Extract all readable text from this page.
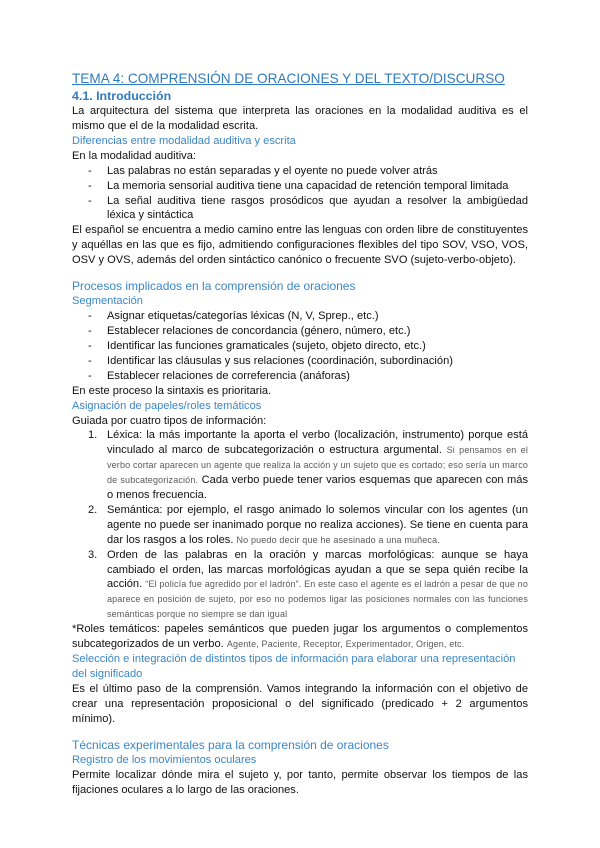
TEMA 4: COMPRENSIÓN DE ORACIONES Y DEL TEXTO/DISCURSO
4.1. Introducción

La arquitectura del sistema que interpreta las oraciones en la modalidad auditiva es el mismo que el de la modalidad escrita.

Diferencias entre modalidad auditiva y escrita

En la modalidad auditiva:

- Las palabras no están separadas y el oyente no puede volver atrás
- La memoria sensorial auditiva tiene una capacidad de retención temporal limitada
- La señal auditiva tiene rasgos prosódicos que ayudan a resolver la ambigüedad léxica y sintáctica

El español se encuentra a medio camino entre las lenguas con orden libre de constituyentes y aquéllas en las que es fijo, admitiendo configuraciones flexibles del tipo SOV, VSO, VOS, OSV y OVS, además del orden sintáctico canónico o frecuente SVO (sujeto-verbo-objeto).

Procesos implicados en la comprensión de oraciones
Segmentación
- Asignar etiquetas/categorías léxicas (N, V, Sprep., etc.)
- Establecer relaciones de concordancia (género, número, etc.)
- Identificar las funciones gramaticales (sujeto, objeto directo, etc.)
- Identificar las cláusulas y sus relaciones (coordinación, subordinación)
- Establecer relaciones de correferencia (anáforas)

En este proceso la sintaxis es prioritaria.

Asignación de papeles/roles temáticos

Guiada por cuatro tipos de información:

1. Léxica: la más importante la aporta el verbo (localización, instrumento) porque está vinculado al marco de subcategorización o estructura argumental. Si pensamos en el verbo cortar aparecen un agente que realiza la acción y un sujeto que es cortado; eso sería un marco de subcategorización. Cada verbo puede tener varios esquemas que aparecen con más o menos frecuencia.
2. Semántica: por ejemplo, el rasgo animado lo solemos vincular con los agentes (un agente no puede ser inanimado porque no realiza acciones). Se tiene en cuenta para dar los rasgos a los roles. No puedo decir que he asesinado a una muñeca.
3. Orden de las palabras en la oración y marcas morfológicas: aunque se haya cambiado el orden, las marcas morfológicas ayudan a que se sepa quién recibe la acción. “El policía fue agredido por el ladrón”. En este caso el agente es el ladrón a pesar de que no aparece en posición de sujeto, por eso no podemos ligar las posiciones normales con las funciones semánticas porque no siempre se dan igual

*Roles temáticos: papeles semánticos que pueden jugar los argumentos o complementos subcategorizados de un verbo. Agente, Paciente, Receptor, Experimentador, Origen, etc.

Selección e integración de distintos tipos de información para elaborar una representación del significado

Es el último paso de la comprensión. Vamos integrando la información con el objetivo de crear una representación proposicional o del significado (predicado + 2 argumentos mínimo).

Técnicas experimentales para la comprensión de oraciones
Registro de los movimientos oculares

Permite localizar dónde mira el sujeto y, por tanto, permite observar los tiempos de las fijaciones oculares a lo largo de las oraciones.
